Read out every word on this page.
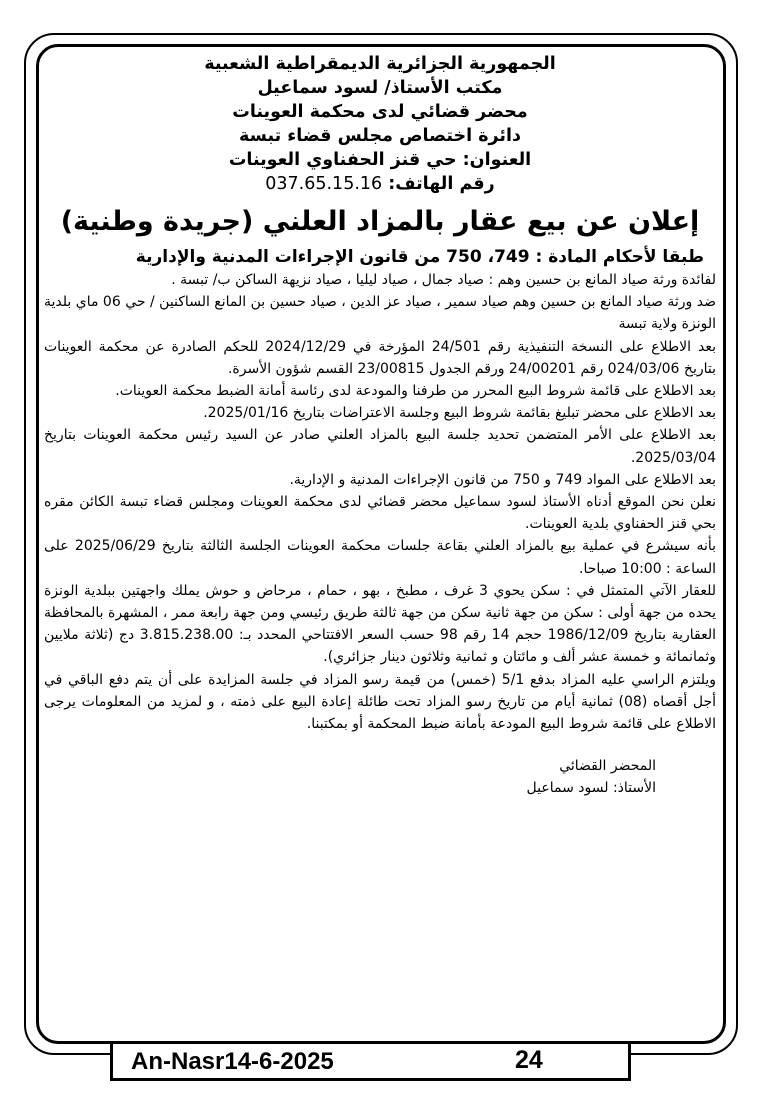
الجمهورية الجزائرية الديمقراطية الشعبية
مكتب الأستاذ/ لسود سماعيل
محضر قضائي لدى محكمة العوينات
دائرة اختصاص مجلس قضاء تبسة
العنوان: حي قنز الحفناوي العوينات
رقم الهاتف: 037.65.15.16
إعلان عن بيع عقار بالمزاد العلني (جريدة وطنية)
طبقا لأحكام المادة : 749، 750 من قانون الإجراءات المدنية والإدارية

لفائدة ورثة صياد المانع بن حسين وهم : صياد جمال ، صياد ليليا ، صياد نزيهة الساكن ب/ تبسة .

ضد ورثة صياد المانع بن حسين وهم صياد سمير ، صياد عز الدين ، صياد حسين بن المانع الساكنين / حي 06 ماي بلدية الونزة ولاية تبسة

بعد الاطلاع على النسخة التنفيذية رقم 24/501 المؤرخة في 2024/12/29 للحكم الصادرة عن محكمة العوينات بتاريخ 024/03/06 رقم 24/00201 ورقم الجدول 23/00815 القسم شؤون الأسرة.

بعد الاطلاع على قائمة شروط البيع المحرر من طرفنا والمودعة لدى رئاسة أمانة الضبط محكمة العوينات.

بعد الاطلاع على محضر تبليغ بقائمة شروط البيع وجلسة الاعتراضات بتاريخ 2025/01/16.

بعد الاطلاع على الأمر المتضمن تحديد جلسة البيع بالمزاد العلني صادر عن السيد رئيس محكمة العوينات بتاريخ 2025/03/04.

بعد الاطلاع على المواد 749 و 750 من قانون الإجراءات المدنية و الإدارية.

نعلن نحن الموقع أدناه الأستاذ لسود سماعيل محضر قضائي لدى محكمة العوينات ومجلس قضاء تبسة الكائن مقره بحي قنز الحفناوي بلدية العوينات.

بأنه سيشرع في عملية بيع بالمزاد العلني بقاعة جلسات محكمة العوينات الجلسة الثالثة بتاريخ 2025/06/29 على الساعة : 10:00 صباحا.

للعقار الآتي المتمثل في : سكن يحوي 3 غرف ، مطبخ ، بهو ، حمام ، مرحاض و حوش يملك واجهتين ببلدية الونزة يحده من جهة أولى : سكن من جهة ثانية سكن من جهة ثالثة طريق رئيسي ومن جهة رابعة ممر ، المشهرة بالمحافظة العقارية بتاريخ 1986/12/09 حجم 14 رقم 98 حسب السعر الافتتاحي المحدد بـ: 3.815.238.00 دج (ثلاثة ملايين وثمانمائة و خمسة عشر ألف و مائتان و ثمانية وثلاثون دينار جزائري).

ويلتزم الراسي عليه المزاد بدفع 5/1 (خمس) من قيمة رسو المزاد في جلسة المزايدة على أن يتم دفع الباقي في أجل أقصاه (08) ثمانية أيام من تاريخ رسو المزاد تحت طائلة إعادة البيع على ذمته ، و لمزيد من المعلومات يرجى الاطلاع على قائمة شروط البيع المودعة بأمانة ضبط المحكمة أو بمكتبنا.

المحضر القضائي
الأستاذ: لسود سماعيل
An-Nasr14-6-2025	24
